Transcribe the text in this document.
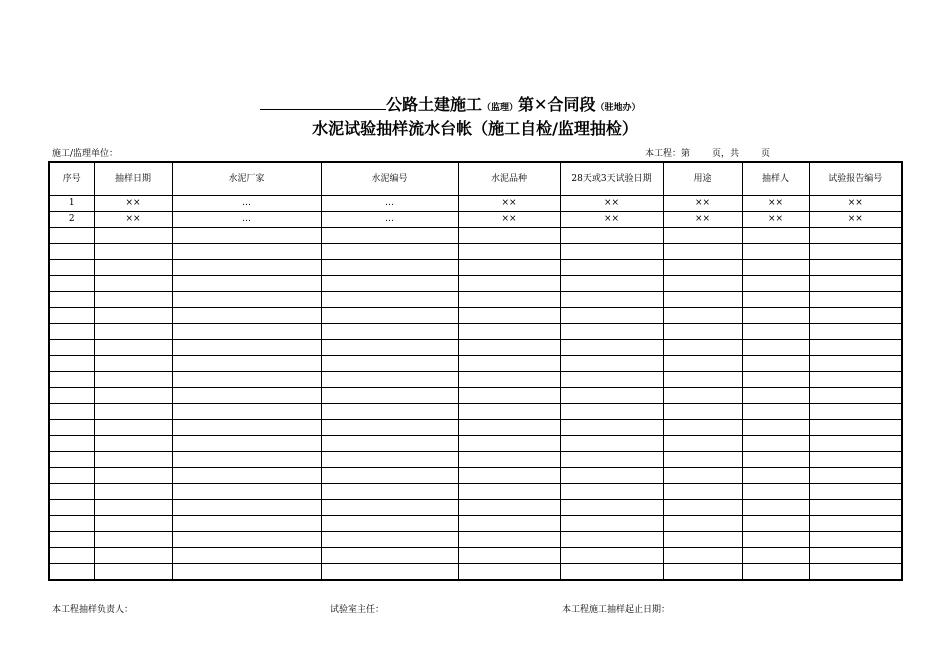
公路土建施工（监理）第✕合同段（驻地办）
水泥试验抽样流水台帐（施工自检/监理抽检）
施工/监理单位：	本工程：第 页，共 页
序号	抽样日期	水泥厂家	水泥编号	水泥品种	28天或3天试验日期	用途	抽样人	试验报告编号
1	××	…	…	××	××	××	××	××
2	××	…	…	××	××	××	××	××

本工程抽样负责人：	试验室主任：	本工程施工抽样起止日期：
